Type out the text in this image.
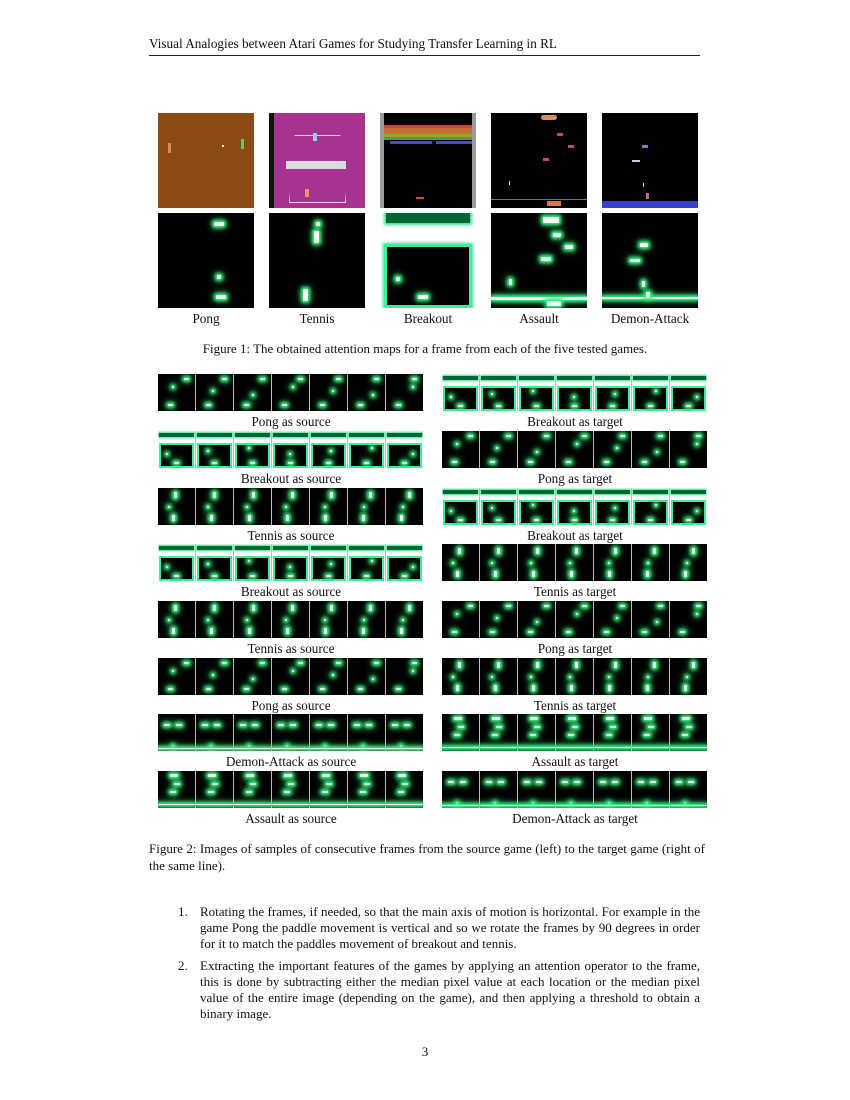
Visual Analogies between Atari Games for Studying Transfer Learning in RL
Pong	Tennis	Breakout	Assault	Demon-Attack
Figure 1: The obtained attention maps for a frame from each of the five tested games.
Pong as source	Breakout as target
Breakout as source	Pong as target
Tennis as source	Breakout as target
Breakout as source	Tennis as target
Tennis as source	Pong as target
Pong as source	Tennis as target
Demon-Attack as source	Assault as target
Assault as source	Demon-Attack as target
Figure 2: Images of samples of consecutive frames from the source game (left) to the target game (right of the same line).
1. Rotating the frames, if needed, so that the main axis of motion is horizontal. For example in the game Pong the paddle movement is vertical and so we rotate the frames by 90 degrees in order for it to match the paddles movement of breakout and tennis.
2. Extracting the important features of the games by applying an attention operator to the frame, this is done by subtracting either the median pixel value at each location or the median pixel value of the entire image (depending on the game), and then applying a threshold to obtain a binary image.
3
